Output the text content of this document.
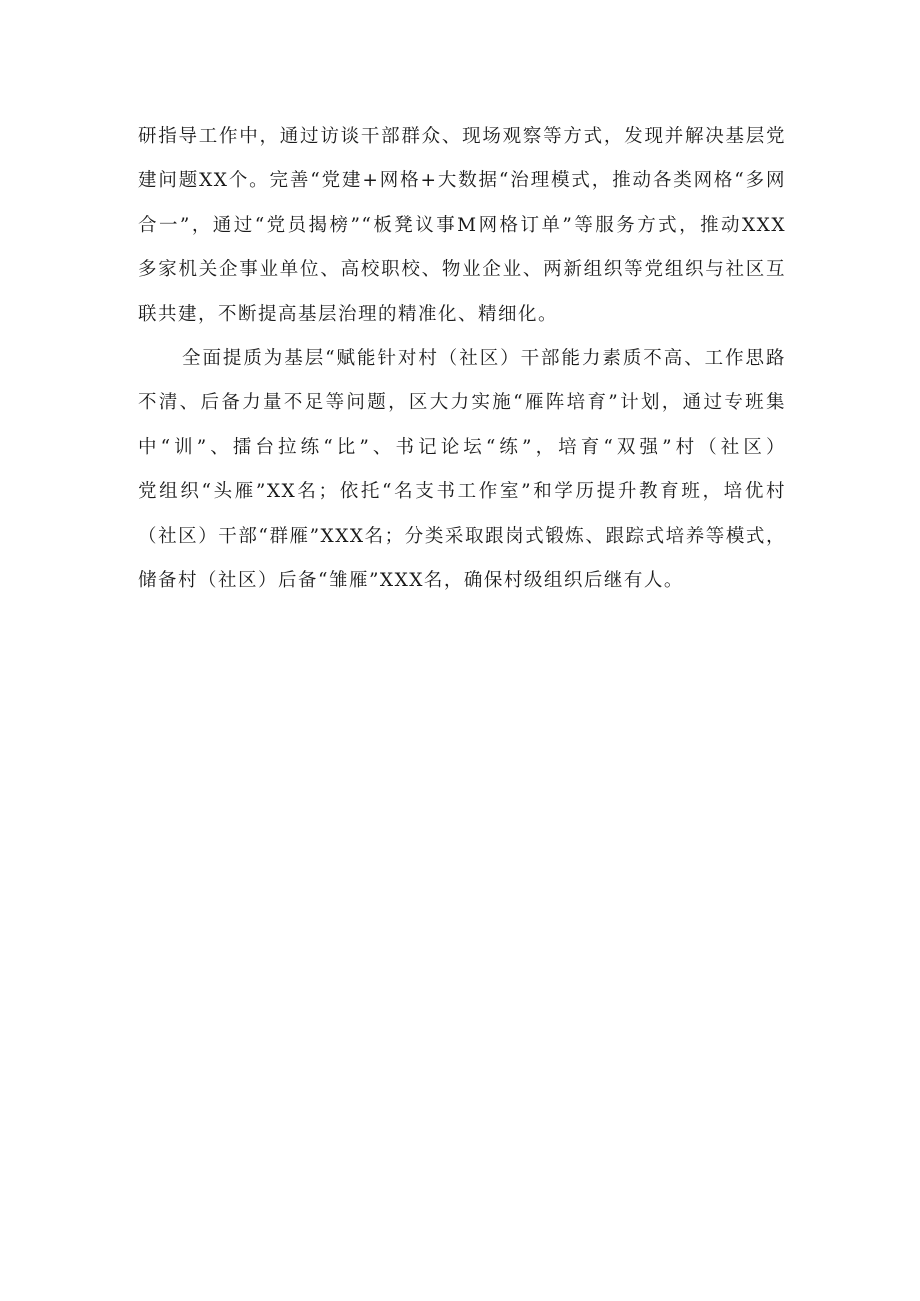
研指导工作中，通过访谈干部群众、现场观察等方式，发现并解决基层党
建问题XX个。完善“党建+网格+大数据“治理模式，推动各类网格“多网
合一”，通过“党员揭榜”“板凳议事M网格订单”等服务方式，推动XXX
多家机关企事业单位、高校职校、物业企业、两新组织等党组织与社区互
联共建，不断提高基层治理的精准化、精细化。
全面提质为基层“赋能针对村（社区）干部能力素质不高、工作思路
不清、后备力量不足等问题，区大力实施“雁阵培育”计划，通过专班集
中“训”、擂台拉练“比”、书记论坛“练”，培育“双强”村（社区）
党组织“头雁”XX名；依托“名支书工作室”和学历提升教育班，培优村
（社区）干部“群雁”XXX名；分类采取跟岗式锻炼、跟踪式培养等模式，
储备村（社区）后备“雏雁”XXX名，确保村级组织后继有人。
